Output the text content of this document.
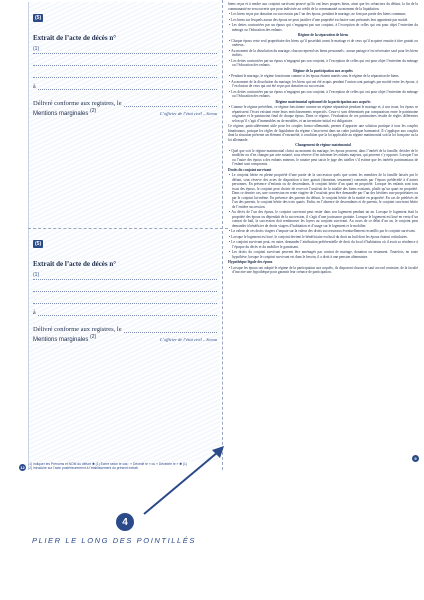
(5)
Extrait de l’acte de décès n°
(1)
à
Délivré conforme aux registres, le
Mentions marginales $^{(2)}$	L’officier de l’état civil – Sceau
(5)
Extrait de l’acte de décès n°
(1)
à
Délivré conforme aux registres, le
Mentions marginales $^{(2)}$	L’officier de l’état civil – Sceau
12
(1) Indiquer les Prénoms et NOM du défunt ✱ (1) Écrire selon le cas : « Décédé le » ou « Décédée le » ✱ (1)
(2) Introduire sur l’acte postérieurement à l’établissement du présent extrait.
biens reçus et à rendre aux conjoint survivant prouvé qu’ils ont leurs propres biens, ainsi que les créanciers du défunt, la fin de la communauté ne sera ouverte que pour indivisée au crédit de la communauté au moment de la liquidation.
• Les biens reçus par donation ou succession par l’un des époux, pendant le mariage, ne font pas partie des biens communs.
• Les biens sur lesquels aucun des époux ne peut justifier d’une propriété exclusive sont présumés leur appartenir par moitié.
• Les dettes contractées par un époux qui s’engagent pas son conjoint, à l’exception de celles qui ont pour objet l’entretien du ménage ou l’éducation des enfants.
Régime de la séparation de biens
• Chaque époux reste seul propriétaire des biens qu’il possédait avant le mariage et de ceux qu’il acquiert ensuite à titre gratuit ou onéreux.
• Au moment de la dissolution du mariage, chacun reprend ses biens personnels ; aucun partage n’est nécessaire sauf pour les biens indivis.
• Les dettes contractées par un époux n’engagent pas son conjoint, à l’exception de celles qui ont pour objet l’entretien du ménage ou l’éducation des enfants.
Régime de la participation aux acquêts
• Pendant le mariage, le régime fonctionne comme si les époux étaient mariés sous le régime de la séparation de biens.
• Au moment de la dissolution du mariage, les biens qui ont été acquis pendant l’union sont partagés par moitié entre les époux, à l’exclusion de ceux qui ont été reçus par donation ou succession.
• Les dettes contractées par un époux n’engagent pas son conjoint, à l’exception de celles qui ont pour objet l’entretien du ménage ou l’éducation des enfants.
Régime matrimonial optionnel de la participation aux acquêts
• Comme le régime précédent, ce régime fonctionne comme un régime séparatiste pendant le mariage et, à son issue, les époux se répartissent l’écart existant entre leurs enrichissements respectifs. Ceux-ci sont déterminés par comparaison entre le patrimoine originaire et le patrimoine final de chaque époux. Dans ce régime, l’évaluation de ces patrimoines résulte de règles différentes selon qu’il s’agit d’immeubles ou de meubles, et un inventaire initial est obligatoire.
Ce régime, particulièrement utile pour les couples franco-allemands, permet d’apporter une solution pratique à tous les couples binationaux, puisque les règles de liquidation du régime s’inscrivent dans un cadre juridique harmonisé. Il s’applique aux couples dont la situation présente un élément d’extranéité, à condition que la loi applicable au régime matrimonial soit la loi française ou la loi allemande.
Changement de régime matrimonial
• Quel que soit le régime matrimonial choisi au moment du mariage, les époux peuvent, dans l’intérêt de la famille, décider de le modifier ou d’en changer par acte notarié, sous réserve d’en informer les enfants majeurs, qui peuvent s’y opposer. Lorsque l’un ou l’autre des époux a des enfants mineurs, le notaire peut saisir le juge des tutelles s’il estime que les intérêts patrimoniaux de l’enfant sont compromis.
Droits du conjoint survivant
• Le conjoint hérite en pleine propriété d’une partie de la succession quels que soient les membres de la famille laissés par le défunt, sous réserve des actes de disposition à titre gratuit (donation, testament) consentis par l’époux prédécédé à d’autres personnes. En présence d’enfants ou de descendants, le conjoint hérite d’un quart en propriété. Lorsque les enfants sont tous issus des époux, le conjoint peut choisir de recevoir l’usufruit de la totalité des biens existants, plutôt qu’un quart en propriété. Dans ce dernier cas, une conversion en rente viagère de l’usufruit peut être demandée par l’un des héritiers nus-propriétaires ou par le conjoint lui-même. En présence des parents du défunt, le conjoint hérite de la moitié en propriété. En cas de prédécès de l’un des parents, le conjoint hérite des trois quarts. Enfin, en l’absence de descendants et de parents, le conjoint survivant hérite de l’entière succession.
• Au décès de l’un des époux, le conjoint survivant peut rester dans son logement pendant un an. Lorsque le logement était la propriété des époux ou dépendait de la succession, il s’agit d’une jouissance gratuite. Lorsque le logement est loué en vertu d’un contrat de bail, la succession doit rembourser les loyers au conjoint survivant. Au cours de ce délai d’un an, le conjoint peut demander à bénéficier de droits viagers d’habitation et d’usage sur le logement et le mobilier.
• La valeur de ces droits viagers s’impute sur la valeur des droits successoraux éventuellement recueillis par le conjoint survivant.
• Lorsque le logement est loué, le conjoint devient le bénéficiaire exclusif du droit au bail dont les époux étaient cotitulaires.
• Le conjoint survivant peut, en outre, demander l’attribution préférentielle de droit du local d’habitation où il avait sa résidence à l’époque du décès et du mobilier le garnissant.
• Les droits du conjoint survivant peuvent être aménagés par contrat de mariage, donation ou testament. Toutefois, en toute hypothèse, lorsque le conjoint survivant est dans le besoin, il a droit à une pension alimentaire.
Hypothèque légale des époux
• Lorsque les époux ont adopté le régime de la participation aux acquêts, ils disposent chacun et sauf accord contraire, de la faculté d’inscrire une hypothèque pour garantir leur créance de participation.
9
4
PLIER LE LONG DES POINTILLÉS
